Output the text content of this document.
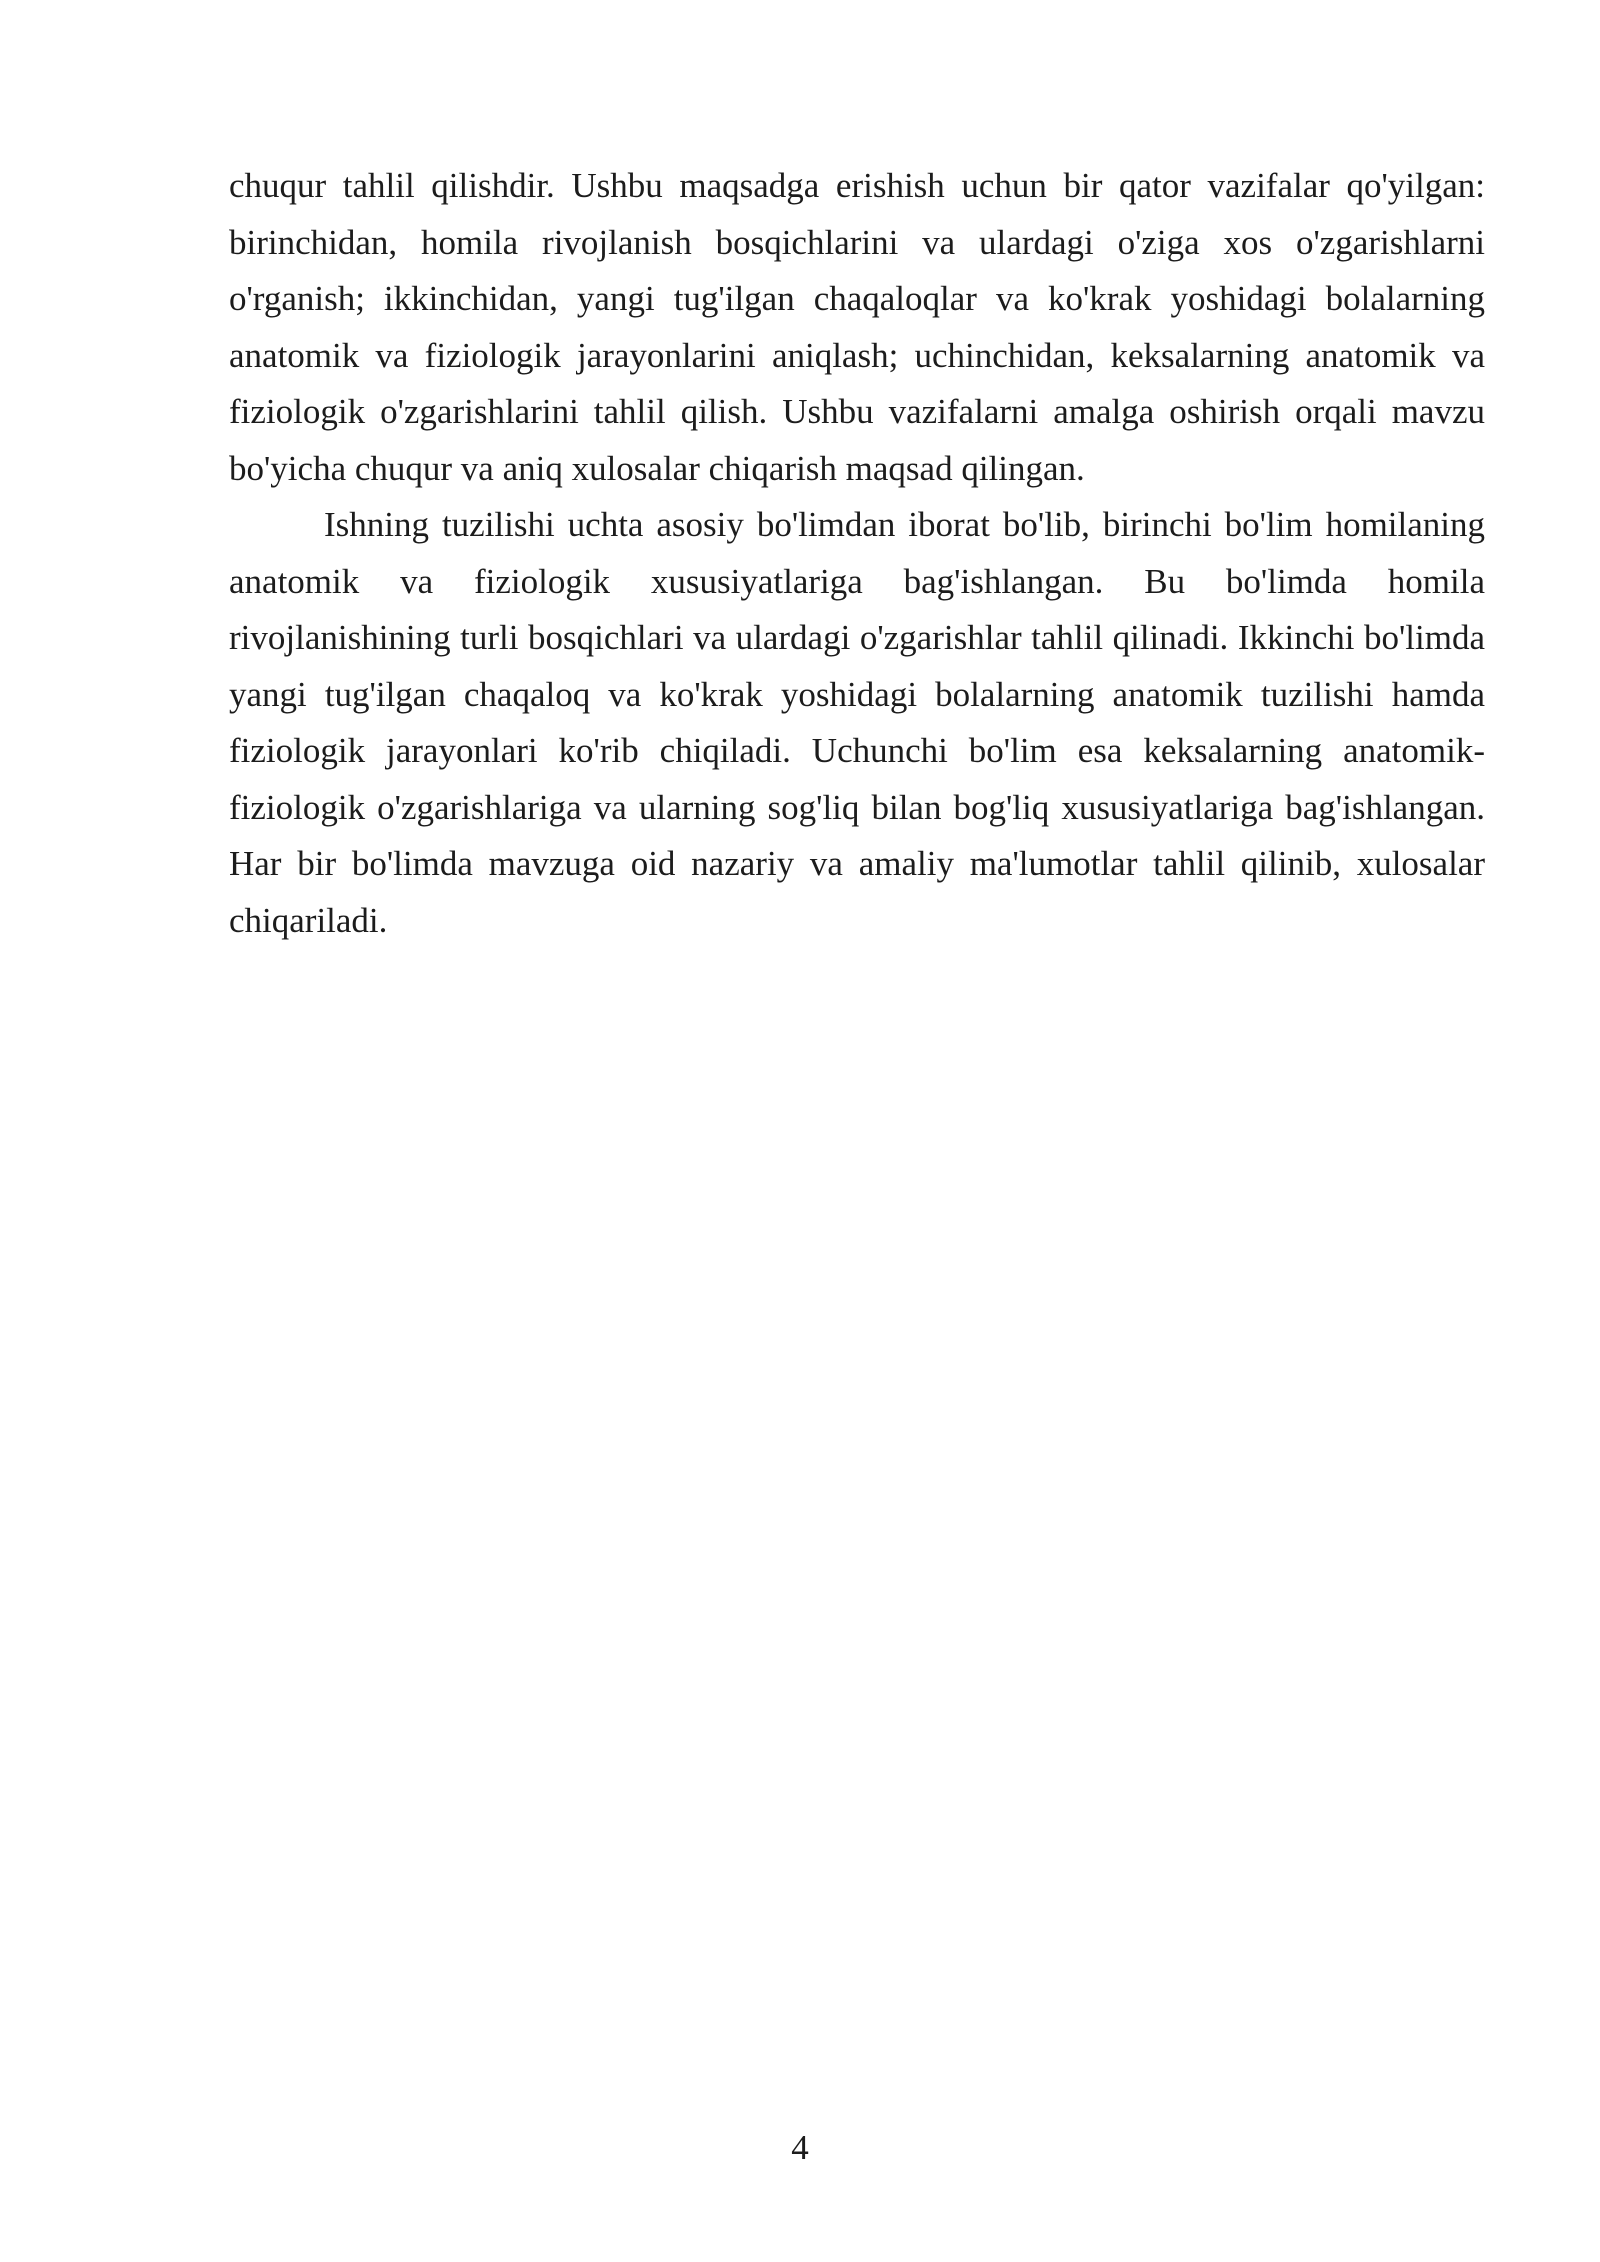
chuqur tahlil qilishdir. Ushbu maqsadga erishish uchun bir qator vazifalar qo'yilgan: birinchidan, homila rivojlanish bosqichlarini va ulardagi o'ziga xos o'zgarishlarni o'rganish; ikkinchidan, yangi tug'ilgan chaqaloqlar va ko'krak yoshidagi bolalarning anatomik va fiziologik jarayonlarini aniqlash; uchinchidan, keksalarning anatomik va fiziologik o'zgarishlarini tahlil qilish. Ushbu vazifalarni amalga oshirish orqali mavzu bo'yicha chuqur va aniq xulosalar chiqarish maqsad qilingan.

Ishning tuzilishi uchta asosiy bo'limdan iborat bo'lib, birinchi bo'lim homilaning anatomik va fiziologik xususiyatlariga bag'ishlangan. Bu bo'limda homila rivojlanishining turli bosqichlari va ulardagi o'zgarishlar tahlil qilinadi. Ikkinchi bo'limda yangi tug'ilgan chaqaloq va ko'krak yoshidagi bolalarning anatomik tuzilishi hamda fiziologik jarayonlari ko'rib chiqiladi. Uchunchi bo'lim esa keksalarning anatomik-fiziologik o'zgarishlariga va ularning sog'liq bilan bog'liq xususiyatlariga bag'ishlangan. Har bir bo'limda mavzuga oid nazariy va amaliy ma'lumotlar tahlil qilinib, xulosalar chiqariladi.

4
